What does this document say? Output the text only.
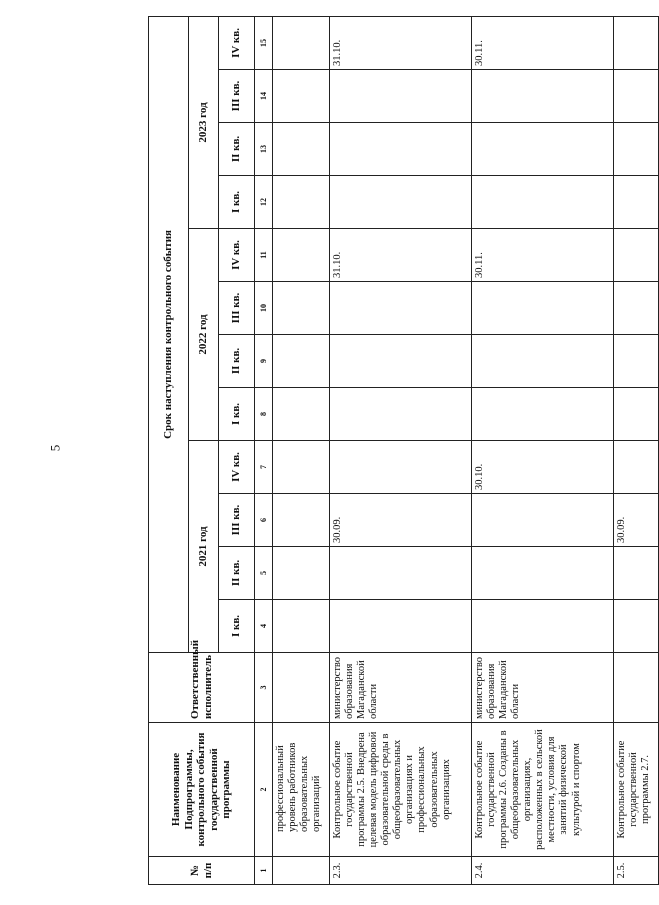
5
№ п/п	Наименование Подпрограммы, контрольного события государственной программы	Ответственный исполнитель	Срок наступления контрольного события											
			2021 год				2022 год				2023 год			
			I кв.	II кв.	III кв.	IV кв.	I кв.	II кв.	III кв.	IV кв.	I кв.	II кв.	III кв.	IV кв.
1	2	3	4	5	6	7	8	9	10	11	12	13	14	15
	профессиональный уровень работников образовательных организаций													
2.3.	Контрольное событие государственной программы 2.5. Внедрена целевая модель цифровой образовательной среды в общеобразовательных организациях и профессиональных образовательных организациях	министерство образования Магаданской области			30.09.					31.10.				31.10.
2.4.	Контрольное событие государственной программы 2.6. Созданы в общеобразовательных организациях, расположенных в сельской местности, условия для занятий физической культурой и спортом	министерство образования Магаданской области				30.10.				30.11.				30.11.
2.5.	Контрольное событие государственной программы 2.7.				30.09.									
